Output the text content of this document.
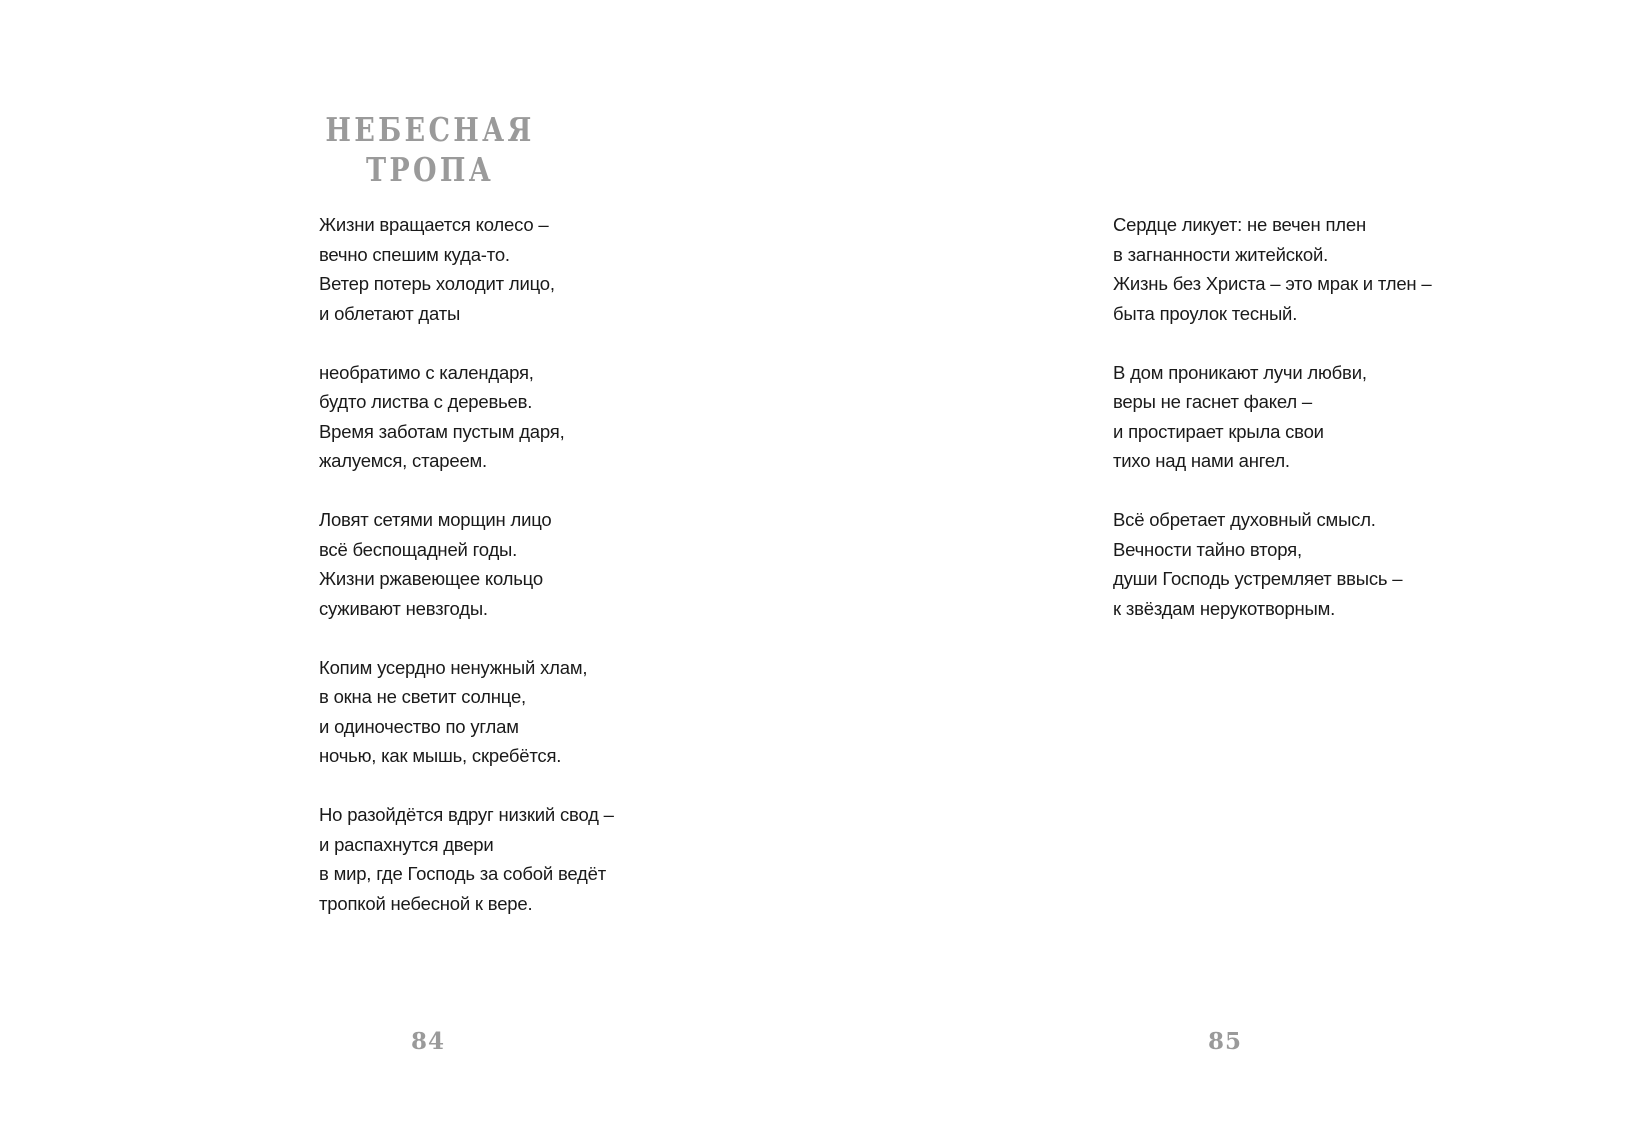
НЕБЕСНАЯ
ТРОПА

Жизни вращается колесо –
вечно спешим куда-то.
Ветер потерь холодит лицо,
и облетают даты

необратимо с календаря,
будто листва с деревьев.
Время заботам пустым даря,
жалуемся, стареем.

Ловят сетями морщин лицо
всё беспощадней годы.
Жизни ржавеющее кольцо
суживают невзгоды.

Копим усердно ненужный хлам,
в окна не светит солнце,
и одиночество по углам
ночью, как мышь, скребётся.

Но разойдётся вдруг низкий свод –
и распахнутся двери
в мир, где Господь за собой ведёт
тропкой небесной к вере.

84

Сердце ликует: не вечен плен
в загнанности житейской.
Жизнь без Христа – это мрак и тлен –
быта проулок тесный.

В дом проникают лучи любви,
веры не гаснет факел –
и простирает крыла свои
тихо над нами ангел.

Всё обретает духовный смысл.
Вечности тайно вторя,
души Господь устремляет ввысь –
к звёздам нерукотворным.

85
